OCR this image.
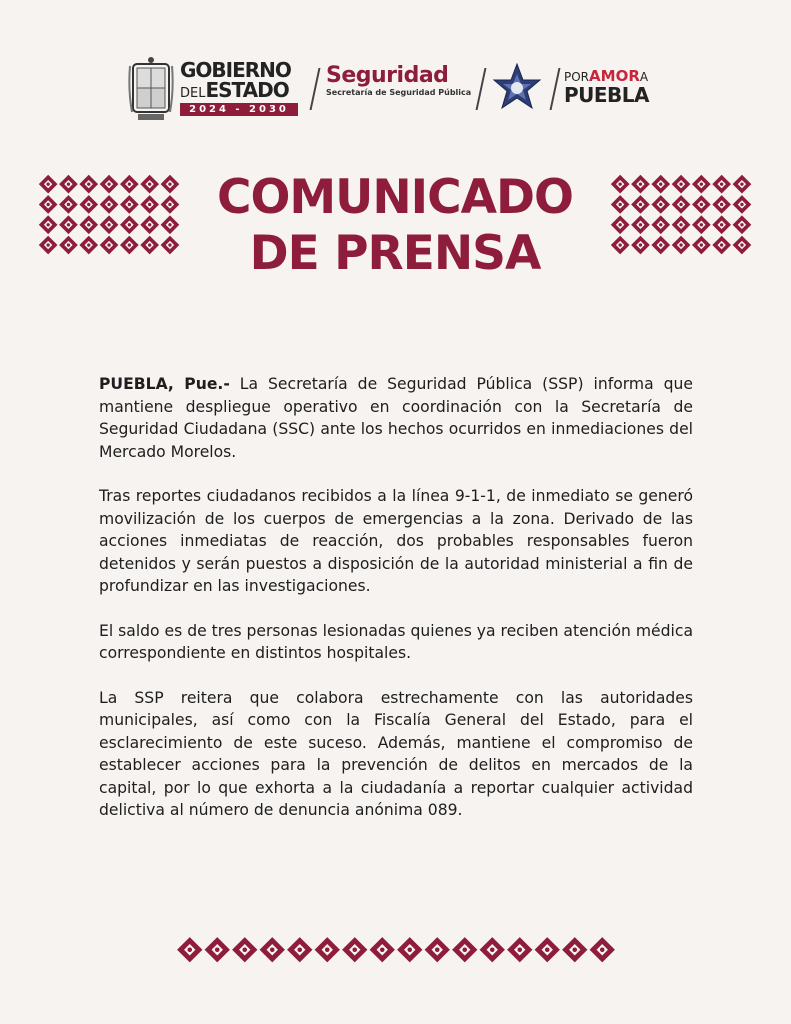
GOBIERNO
DELESTADO
2024 - 2030
Seguridad
Secretaría de Seguridad Pública
PORAMORA
PUEBLA
COMUNICADO
DE PRENSA

PUEBLA, Pue.- La Secretaría de Seguridad Pública (SSP) informa que mantiene despliegue operativo en coordinación con la Secretaría de Seguridad Ciudadana (SSC) ante los hechos ocurridos en inmediaciones del Mercado Morelos.

Tras reportes ciudadanos recibidos a la línea 9-1-1, de inmediato se generó movilización de los cuerpos de emergencias a la zona. Derivado de las acciones inmediatas de reacción, dos probables responsables fueron detenidos y serán puestos a disposición de la autoridad ministerial a fin de profundizar en las investigaciones.

El saldo es de tres personas lesionadas quienes ya reciben atención médica correspondiente en distintos hospitales.

La SSP reitera que colabora estrechamente con las autoridades municipales, así como con la Fiscalía General del Estado, para el esclarecimiento de este suceso. Además, mantiene el compromiso de establecer acciones para la prevención de delitos en mercados de la capital, por lo que exhorta a la ciudadanía a reportar cualquier actividad delictiva al número de denuncia anónima 089.
